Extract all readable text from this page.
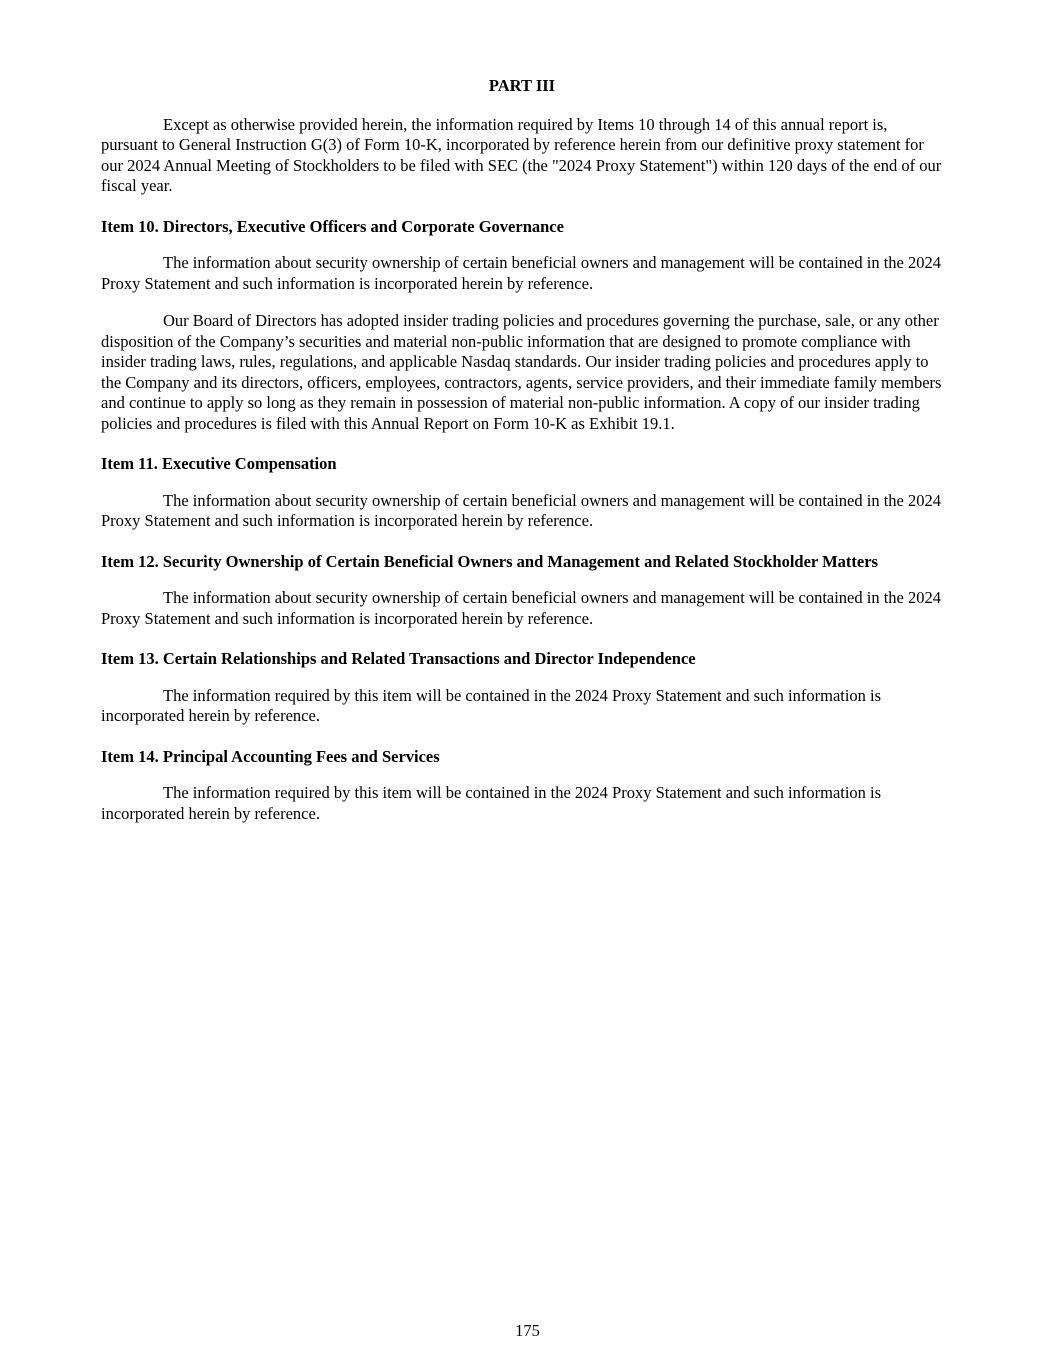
PART III

Except as otherwise provided herein, the information required by Items 10 through 14 of this annual report is, pursuant to General Instruction G(3) of Form 10-K, incorporated by reference herein from our definitive proxy statement for our 2024 Annual Meeting of Stockholders to be filed with SEC (the "2024 Proxy Statement") within 120 days of the end of our fiscal year.

Item 10. Directors, Executive Officers and Corporate Governance

The information about security ownership of certain beneficial owners and management will be contained in the 2024 Proxy Statement and such information is incorporated herein by reference.

Our Board of Directors has adopted insider trading policies and procedures governing the purchase, sale, or any other disposition of the Company’s securities and material non-public information that are designed to promote compliance with insider trading laws, rules, regulations, and applicable Nasdaq standards. Our insider trading policies and procedures apply to the Company and its directors, officers, employees, contractors, agents, service providers, and their immediate family members and continue to apply so long as they remain in possession of material non-public information. A copy of our insider trading policies and procedures is filed with this Annual Report on Form 10-K as Exhibit 19.1.

Item 11. Executive Compensation

The information about security ownership of certain beneficial owners and management will be contained in the 2024 Proxy Statement and such information is incorporated herein by reference.

Item 12. Security Ownership of Certain Beneficial Owners and Management and Related Stockholder Matters

The information about security ownership of certain beneficial owners and management will be contained in the 2024 Proxy Statement and such information is incorporated herein by reference.

Item 13. Certain Relationships and Related Transactions and Director Independence

The information required by this item will be contained in the 2024 Proxy Statement and such information is incorporated herein by reference.

Item 14. Principal Accounting Fees and Services

The information required by this item will be contained in the 2024 Proxy Statement and such information is incorporated herein by reference.

175
